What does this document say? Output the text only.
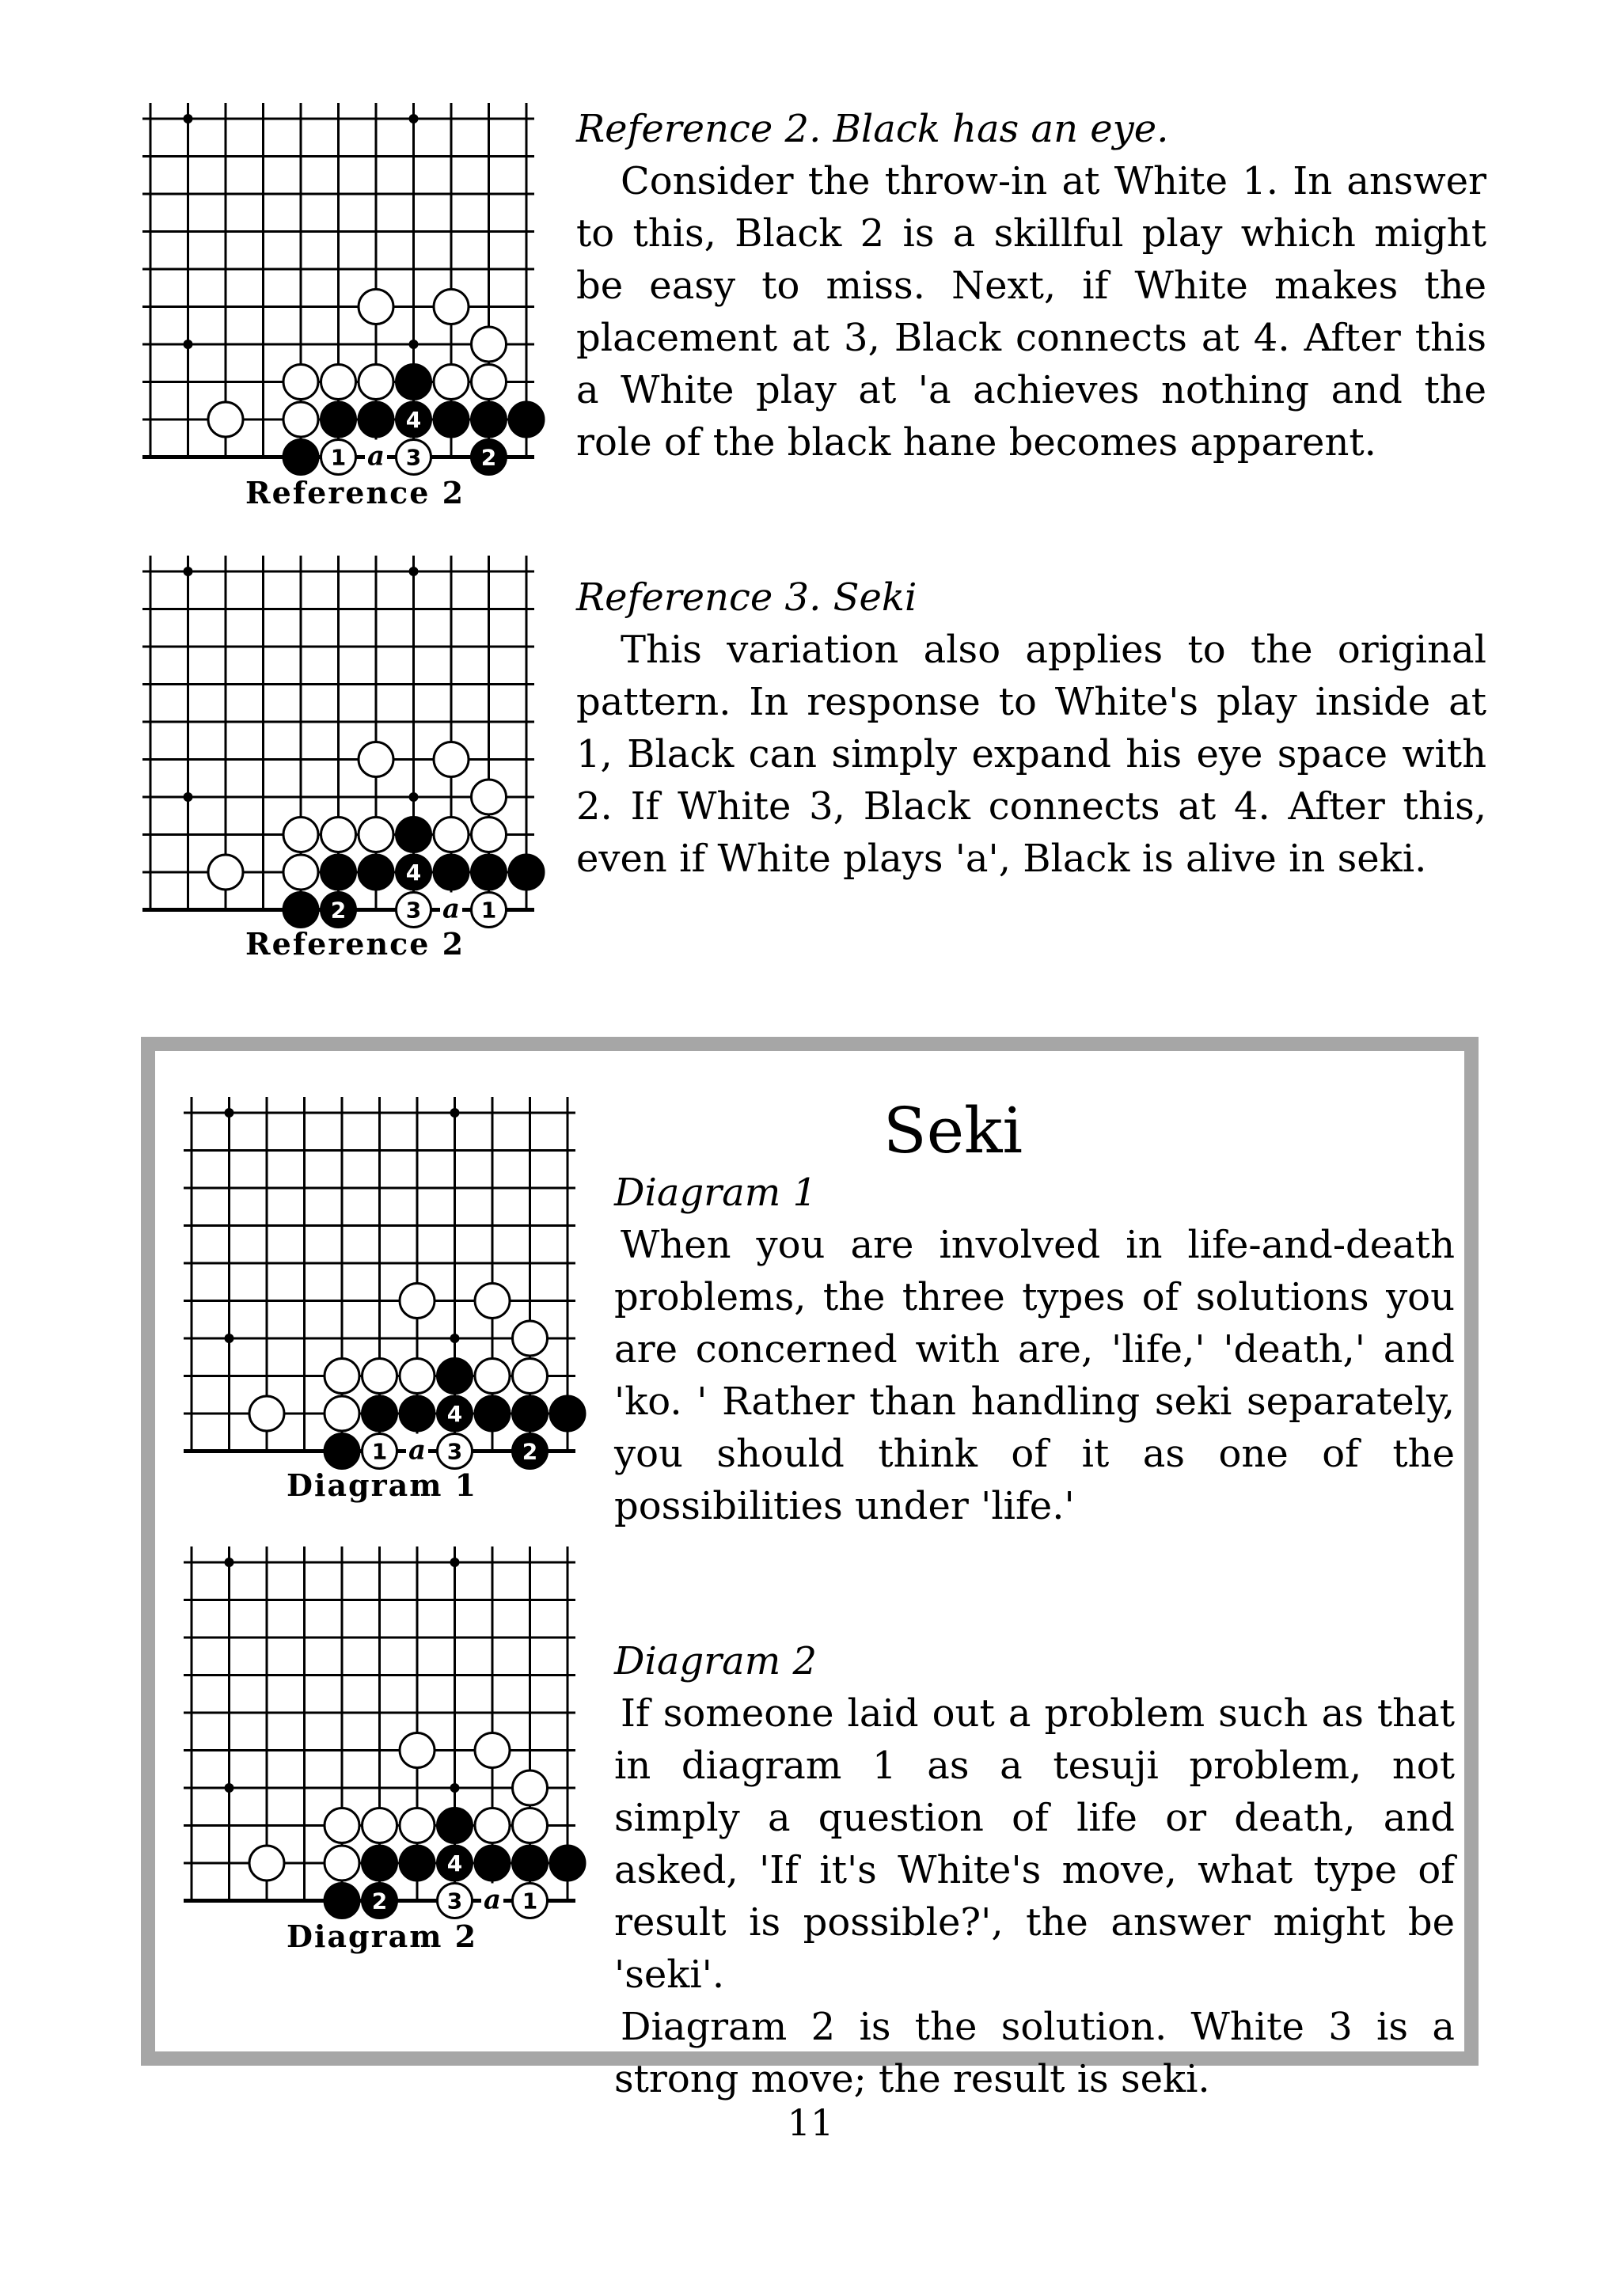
4
1	3	2
a
Reference 2
Reference 2. Black has an eye.

Consider the throw-in at White 1. In answer to this, Black 2 is a skillful play which might be easy to miss. Next, if White makes the placement at 3, Black connects at 4. After this a White play at 'a achieves nothing and the role of the black hane becomes apparent.

4
2	3	1
a
Reference 2
Reference 3. Seki

This variation also applies to the original pattern. In response to White's play inside at 1, Black can simply expand his eye space with 2. If White 3, Black connects at 4. After this, even if White plays 'a', Black is alive in seki.

Seki
4
1	3	2
a
Diagram 1
Diagram 1

When you are involved in life-and-death problems, the three types of solutions you are concerned with are, 'life,' 'death,' and 'ko. ' Rather than handling seki separately, you should think of it as one of the possibilities under 'life.'

4
2	3	1
a
Diagram 2
Diagram 2

If someone laid out a problem such as that in diagram 1 as a tesuji problem, not simply a question of life or death, and asked, 'If it's White's move, what type of result is possible?', the answer might be 'seki'.

Diagram 2 is the solution. White 3 is a strong move; the result is seki.

11
